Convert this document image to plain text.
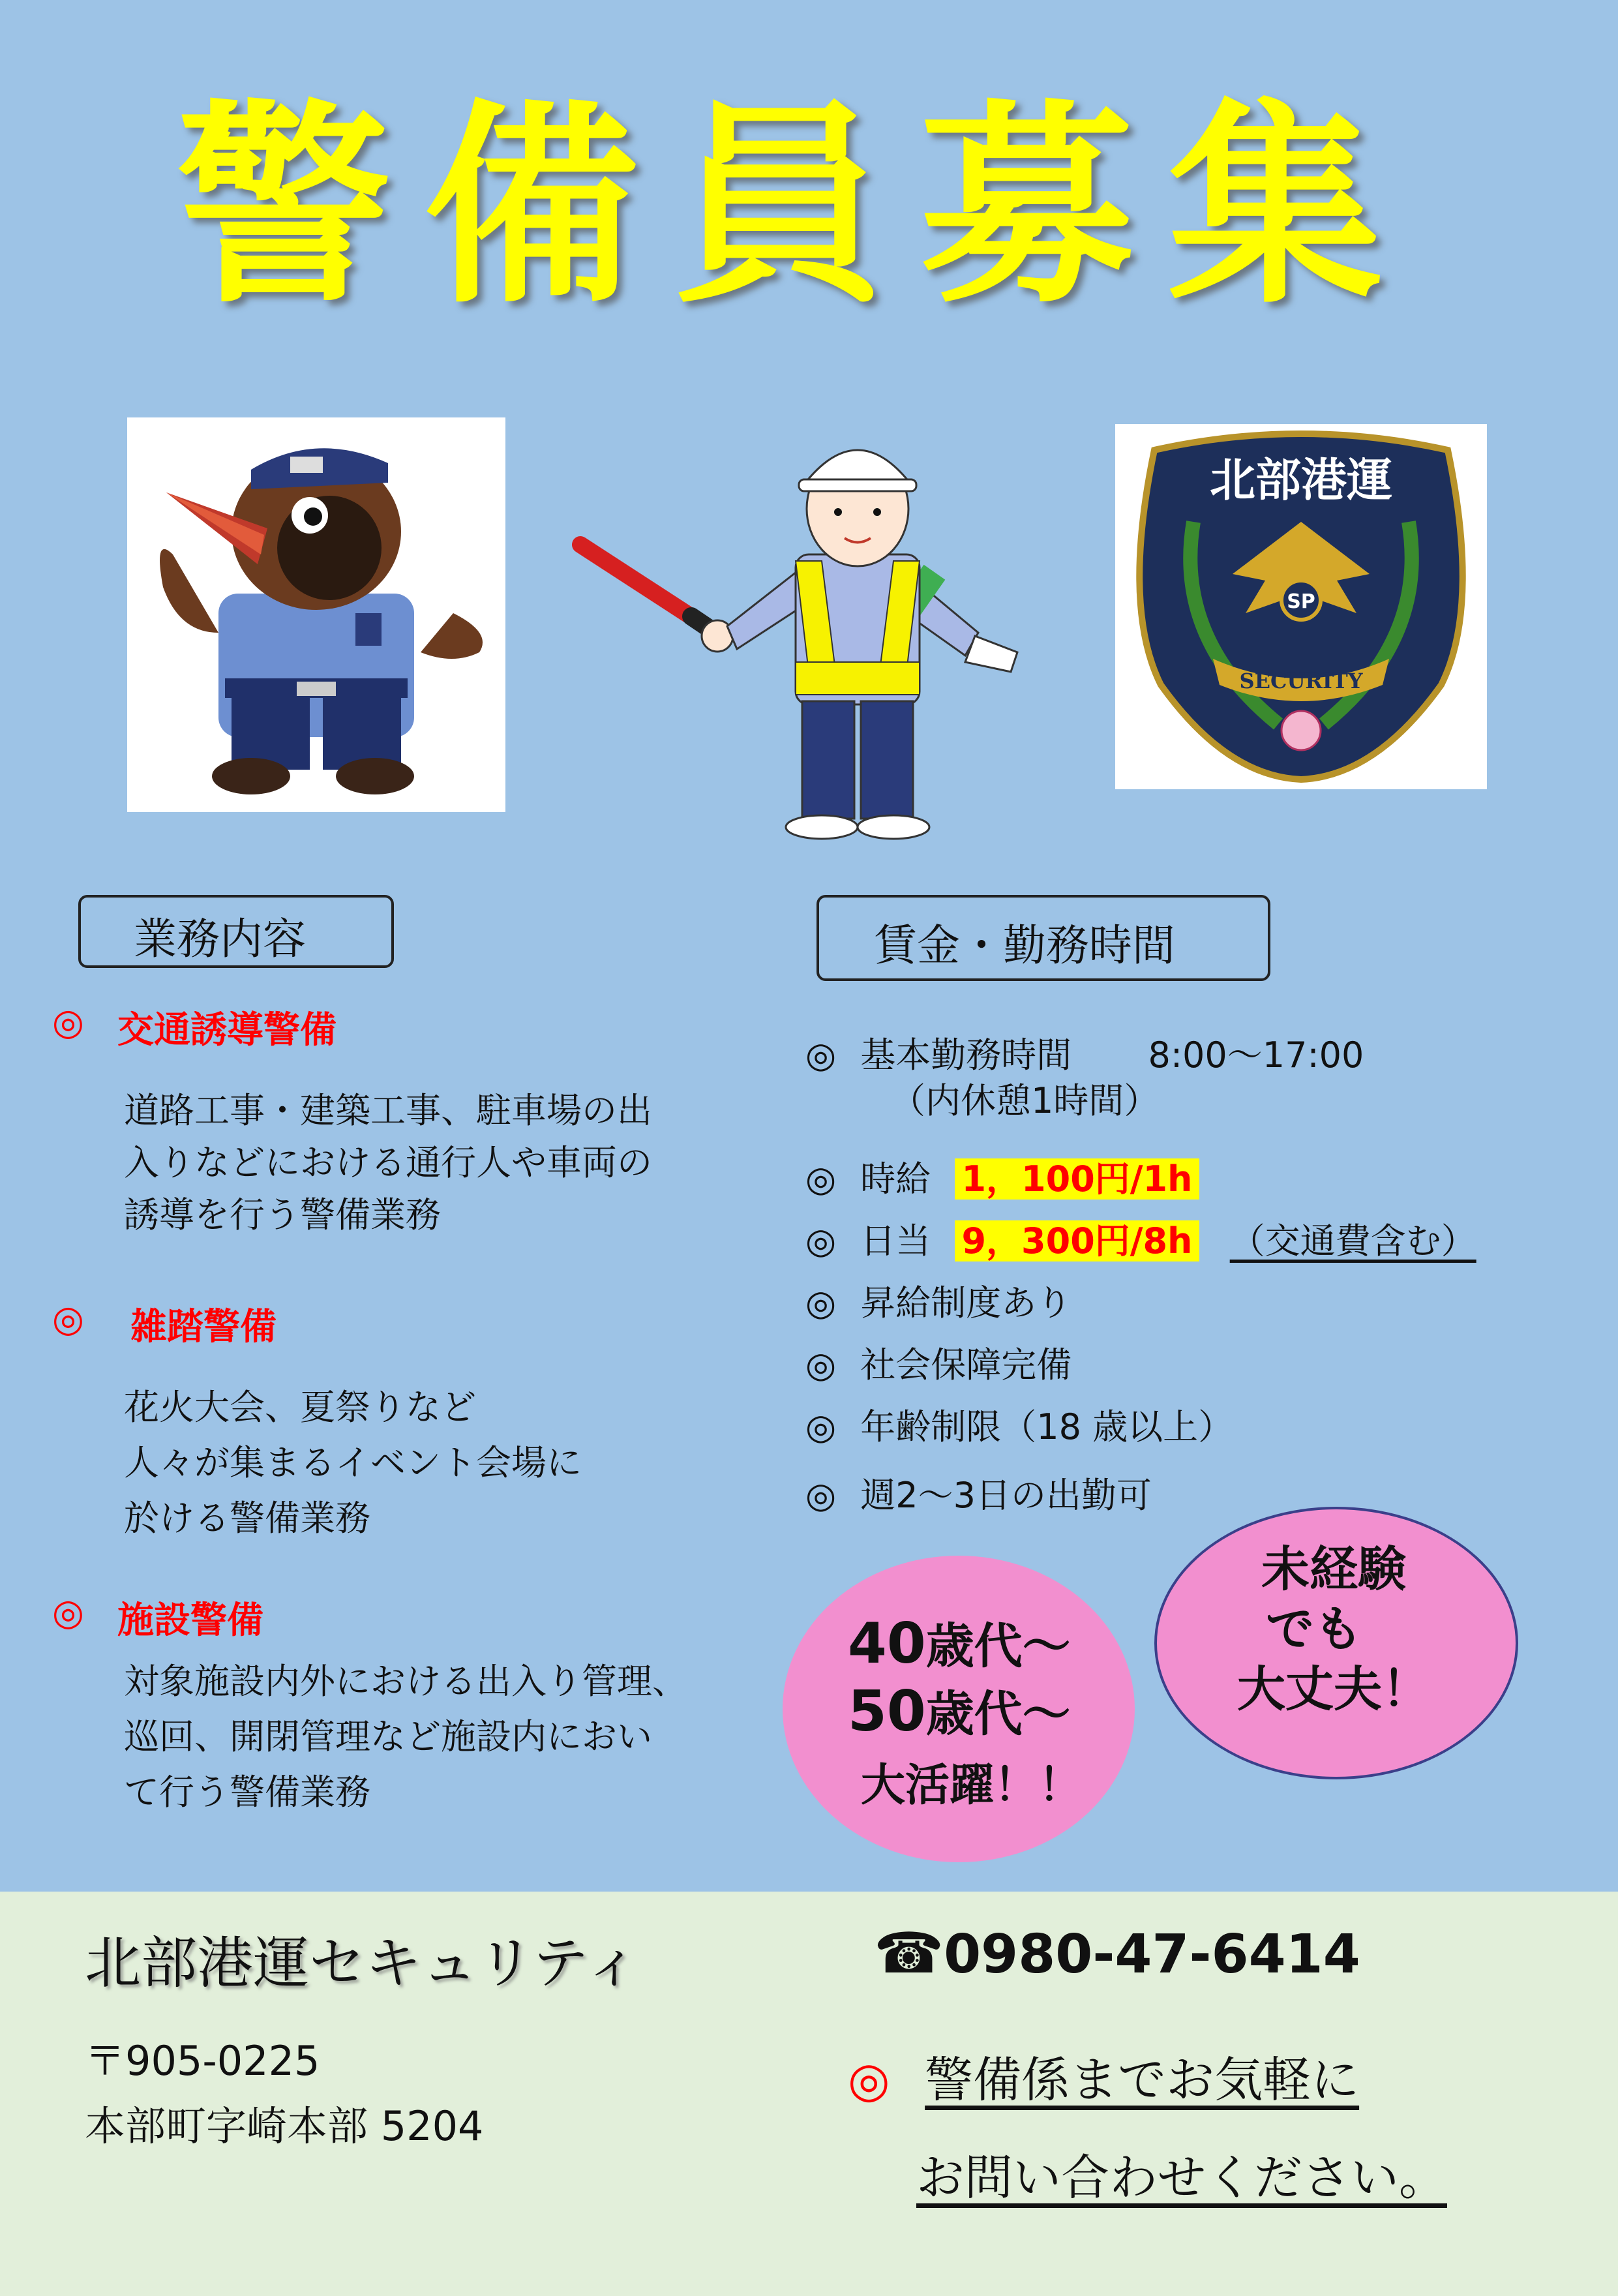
警 備 員 募 集
SP
北部港運
SECURITY
業務内容	賃金・勤務時間
◎ 交通誘導警備
道路工事・建築工事、駐車場の出
入りなどにおける通行人や車両の
誘導を行う警備業務
◎ 雑踏警備
花火大会、夏祭りなど
人々が集まるイベント会場に
於ける警備業務
◎ 施設警備
対象施設内外における出入り管理、
巡回、開閉管理など施設内におい
て行う警備業務
◎ 基本勤務時間 8:00～17:00
（内休憩1時間）
◎ 時給 1，100円/1h
◎ 日当 9，300円/8h （交通費含む）
◎ 昇給制度あり
◎ 社会保障完備
◎ 年齢制限（18 歳以上）
◎ 週2～3日の出勤可
40歳代～
50歳代～
大活躍！！
未経験
でも
大丈夫！
北部港運セキュリティ	☎0980-47-6414
〒905-0225
本部町字崎本部 5204
◎ 警備係までお気軽に
お問い合わせください。
